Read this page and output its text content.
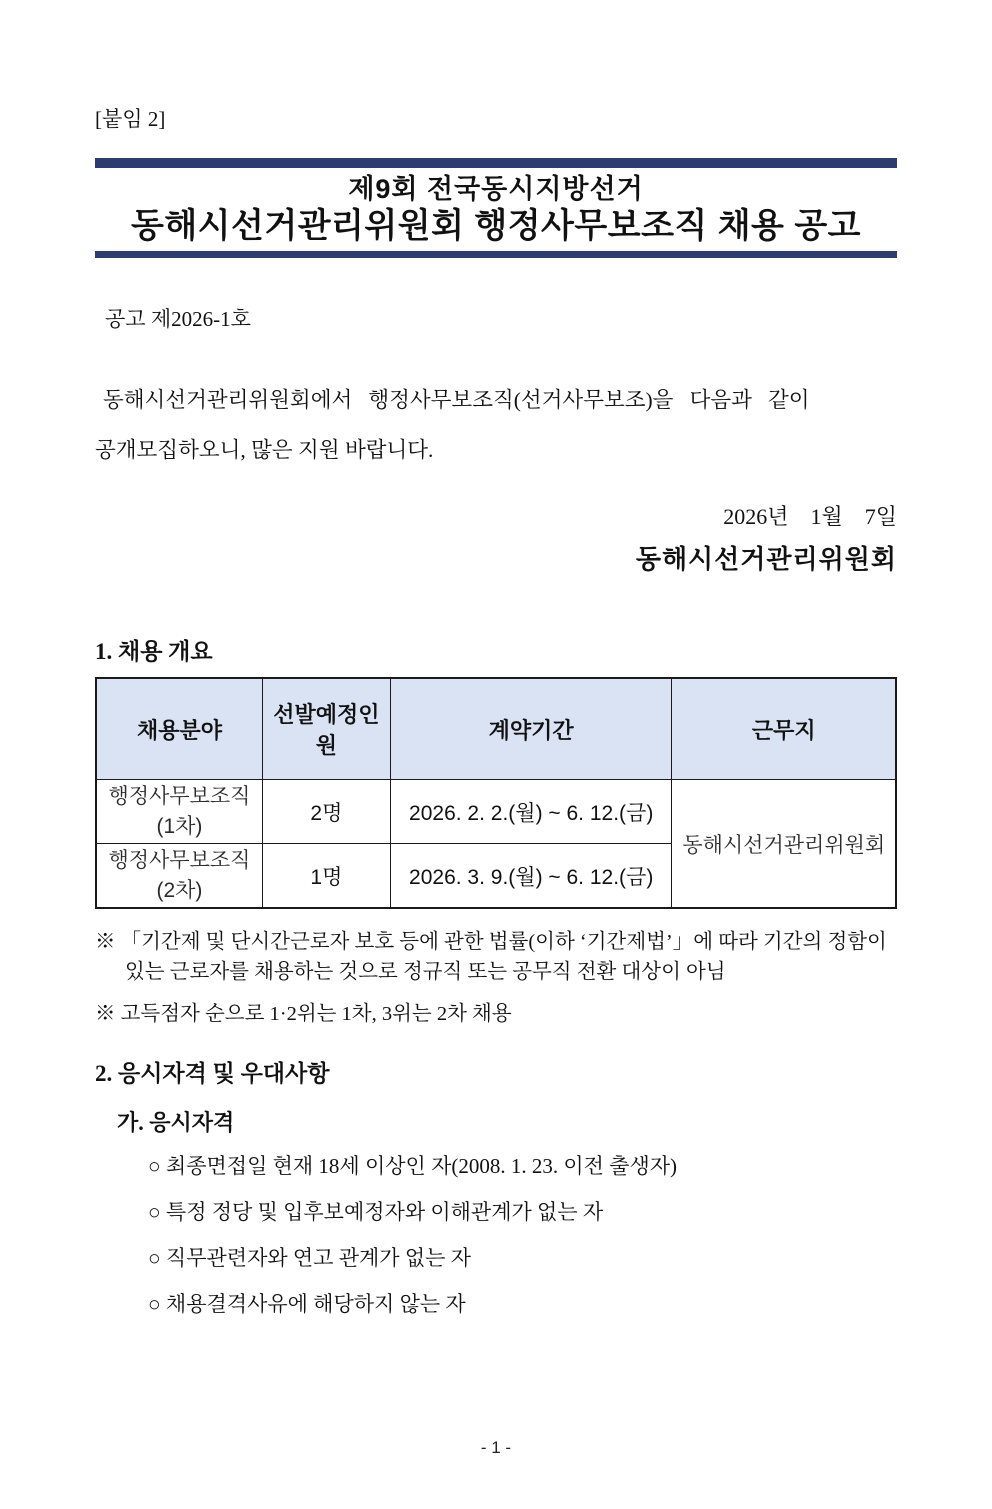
[붙임 2]
제9회 전국동시지방선거
동해시선거관리위원회 행정사무보조직 채용 공고
공고 제2026-1호
동해시선거관리위원회에서   행정사무보조직(선거사무보조)을   다음과   같이
공개모집하오니, 많은 지원 바랍니다.
2026년    1월    7일
동해시선거관리위원회
1. 채용 개요
채용분야	선발예정인원	계약기간	근무지

행정사무보조직
(1차)	2명	2026. 2. 2.(월) ~ 6. 12.(금)	동해시선거관리위원회

행정사무보조직
(2차)	1명	2026. 3. 9.(월) ~ 6. 12.(금)	
※ 「기간제 및 단시간근로자 보호 등에 관한 법률(이하 ‘기간제법’」에 따라 기간의 정함이 있는 근로자를 채용하는 것으로 정규직 또는 공무직 전환 대상이 아님
※ 고득점자 순으로 1·2위는 1차, 3위는 2차 채용
2. 응시자격 및 우대사항
가. 응시자격
○ 최종면접일 현재 18세 이상인 자(2008. 1. 23. 이전 출생자)
○ 특정 정당 및 입후보예정자와 이해관계가 없는 자
○ 직무관련자와 연고 관계가 없는 자
○ 채용결격사유에 해당하지 않는 자
- 1 -
